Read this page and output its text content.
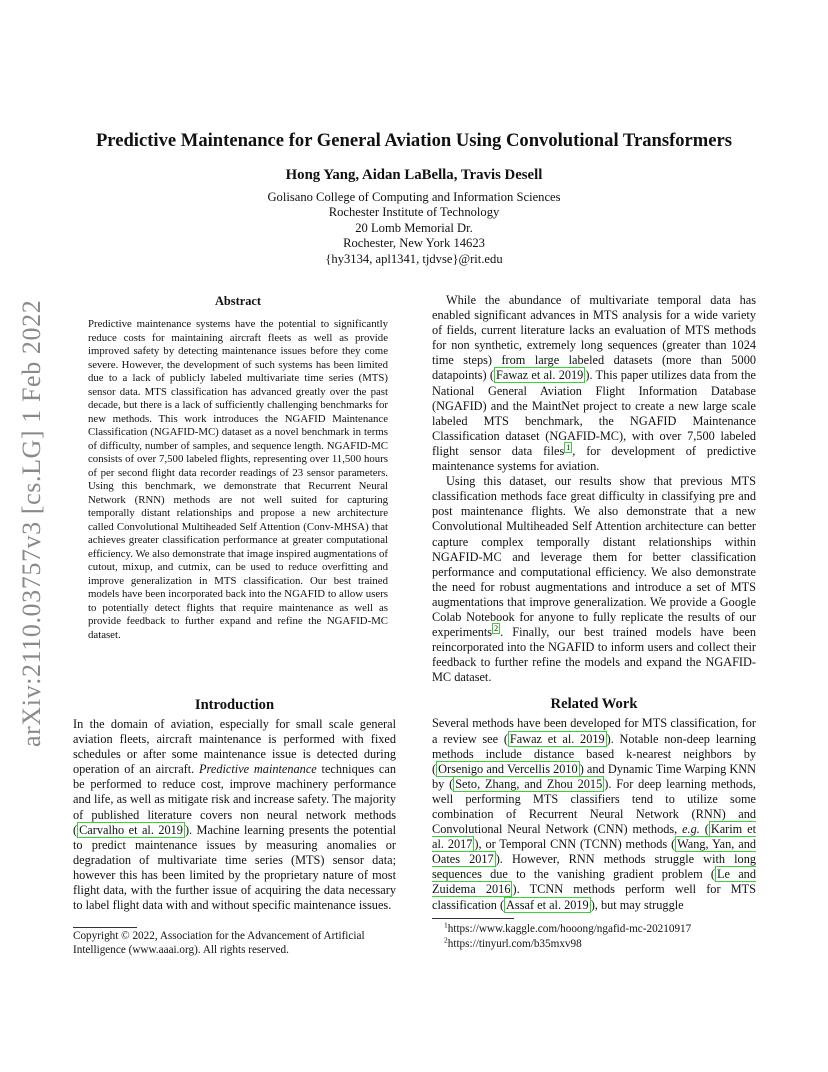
arXiv:2110.03757v3 [cs.LG] 1 Feb 2022
Predictive Maintenance for General Aviation Using Convolutional Transformers
Hong Yang, Aidan LaBella, Travis Desell
Golisano College of Computing and Information Sciences
Rochester Institute of Technology
20 Lomb Memorial Dr.
Rochester, New York 14623
{hy3134, apl1341, tjdvse}@rit.edu
Abstract

Predictive maintenance systems have the potential to significantly reduce costs for maintaining aircraft fleets as well as provide improved safety by detecting maintenance issues before they come severe. However, the development of such systems has been limited due to a lack of publicly labeled multivariate time series (MTS) sensor data. MTS classification has advanced greatly over the past decade, but there is a lack of sufficiently challenging benchmarks for new methods. This work introduces the NGAFID Maintenance Classification (NGAFID-MC) dataset as a novel benchmark in terms of difficulty, number of samples, and sequence length. NGAFID-MC consists of over 7,500 labeled flights, representing over 11,500 hours of per second flight data recorder readings of 23 sensor parameters. Using this benchmark, we demonstrate that Recurrent Neural Network (RNN) methods are not well suited for capturing temporally distant relationships and propose a new architecture called Convolutional Multiheaded Self Attention (Conv-MHSA) that achieves greater classification performance at greater computational efficiency. We also demonstrate that image inspired augmentations of cutout, mixup, and cutmix, can be used to reduce overfitting and improve generalization in MTS classification. Our best trained models have been incorporated back into the NGAFID to allow users to potentially detect flights that require maintenance as well as provide feedback to further expand and refine the NGAFID-MC dataset.

Introduction

In the domain of aviation, especially for small scale general aviation fleets, aircraft maintenance is performed with fixed schedules or after some maintenance issue is detected during operation of an aircraft. Predictive maintenance techniques can be performed to reduce cost, improve machinery performance and life, as well as mitigate risk and increase safety. The majority of published literature covers non neural network methods ( Carvalho et al. 2019 ). Machine learning presents the potential to predict maintenance issues by measuring anomalies or degradation of multivariate time series (MTS) sensor data; however this has been limited by the proprietary nature of most flight data, with the further issue of acquiring the data necessary to label flight data with and without specific maintenance issues.

While the abundance of multivariate temporal data has enabled significant advances in MTS analysis for a wide variety of fields, current literature lacks an evaluation of MTS methods for non synthetic, extremely long sequences (greater than 1024 time steps) from large labeled datasets (more than 5000 datapoints) ( Fawaz et al. 2019 ). This paper utilizes data from the National General Aviation Flight Information Database (NGAFID) and the MaintNet project to create a new large scale labeled MTS benchmark, the NGAFID Maintenance Classification dataset (NGAFID-MC), with over 7,500 labeled flight sensor data files $^1$ , for development of predictive maintenance systems for aviation.

Using this dataset, our results show that previous MTS classification methods face great difficulty in classifying pre and post maintenance flights. We also demonstrate that a new Convolutional Multiheaded Self Attention architecture can better capture complex temporally distant relationships within NGAFID-MC and leverage them for better classification performance and computational efficiency. We also demonstrate the need for robust augmentations and introduce a set of MTS augmentations that improve generalization. We provide a Google Colab Notebook for anyone to fully replicate the results of our experiments $^2$ . Finally, our best trained models have been reincorporated into the NGAFID to inform users and collect their feedback to further refine the models and expand the NGAFID-MC dataset.

Related Work

Several methods have been developed for MTS classification, for a review see ( Fawaz et al. 2019 ). Notable non-deep learning methods include distance based k-nearest neighbors by ( Orsenigo and Vercellis 2010 ) and Dynamic Time Warping KNN by ( Seto, Zhang, and Zhou 2015 ). For deep learning methods, well performing MTS classifiers tend to utilize some combination of Recurrent Neural Network (RNN) and Convolutional Neural Network (CNN) methods, e.g. ( Karim et al. 2017 ), or Temporal CNN (TCNN) methods ( Wang, Yan, and Oates 2017 ). However, RNN methods struggle with long sequences due to the vanishing gradient problem ( Le and Zuidema 2016 ). TCNN methods perform well for MTS classification ( Assaf et al. 2019 ), but may struggle

Copyright © 2022, Association for the Advancement of Artificial Intelligence (www.aaai.org). All rights reserved.

$^1$https://www.kaggle.com/hooong/ngafid-mc-20210917
$^2$https://tinyurl.com/b35mxv98
